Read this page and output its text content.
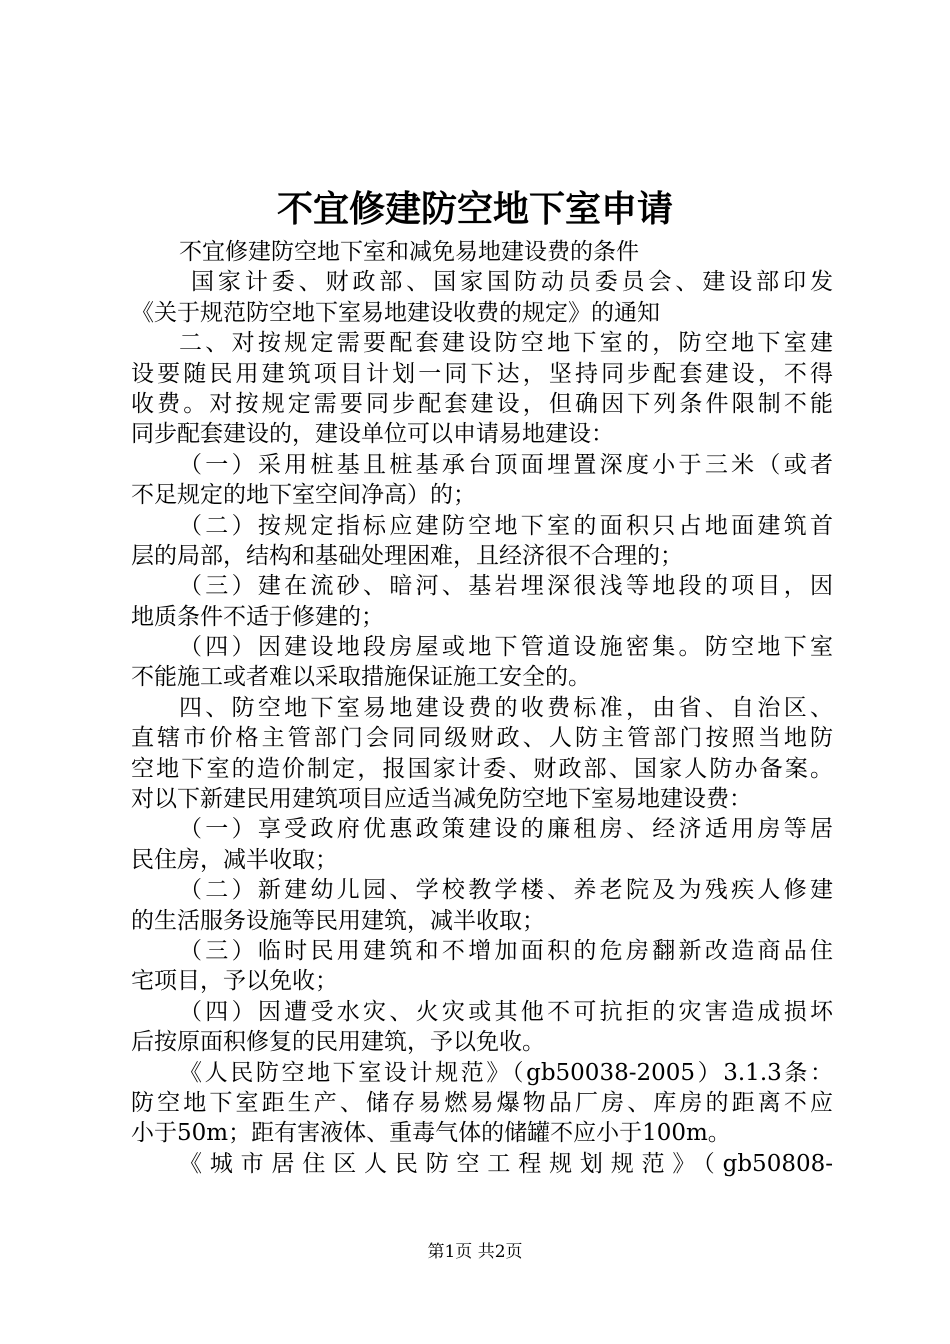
不宜修建防空地下室申请
不宜修建防空地下室和减免易地建设费的条件
国家计委、财政部、国家国防动员委员会、建设部印发
《关于规范防空地下室易地建设收费的规定》的通知
二、对按规定需要配套建设防空地下室的，防空地下室建
设要随民用建筑项目计划一同下达，坚持同步配套建设，不得
收费。对按规定需要同步配套建设，但确因下列条件限制不能
同步配套建设的，建设单位可以申请易地建设：
（一）采用桩基且桩基承台顶面埋置深度小于三米（或者
不足规定的地下室空间净高）的；
（二）按规定指标应建防空地下室的面积只占地面建筑首
层的局部，结构和基础处理困难，且经济很不合理的；
（三）建在流砂、暗河、基岩埋深很浅等地段的项目，因
地质条件不适于修建的；
（四）因建设地段房屋或地下管道设施密集。防空地下室
不能施工或者难以采取措施保证施工安全的。
四、防空地下室易地建设费的收费标准，由省、自治区、
直辖市价格主管部门会同同级财政、人防主管部门按照当地防
空地下室的造价制定，报国家计委、财政部、国家人防办备案。
对以下新建民用建筑项目应适当减免防空地下室易地建设费：
（一）享受政府优惠政策建设的廉租房、经济适用房等居
民住房，减半收取；
（二）新建幼儿园、学校教学楼、养老院及为残疾人修建
的生活服务设施等民用建筑，减半收取；
（三）临时民用建筑和不增加面积的危房翻新改造商品住
宅项目，予以免收；
（四）因遭受水灾、火灾或其他不可抗拒的灾害造成损坏
后按原面积修复的民用建筑，予以免收。
《人民防空地下室设计规范》（gb50038-2005）3.1.3条：
防空地下室距生产、储存易燃易爆物品厂房、库房的距离不应
小于50m；距有害液体、重毒气体的储罐不应小于100m。
《城市居住区人民防空工程规划规范》（gb50808-
第1页 共2页
